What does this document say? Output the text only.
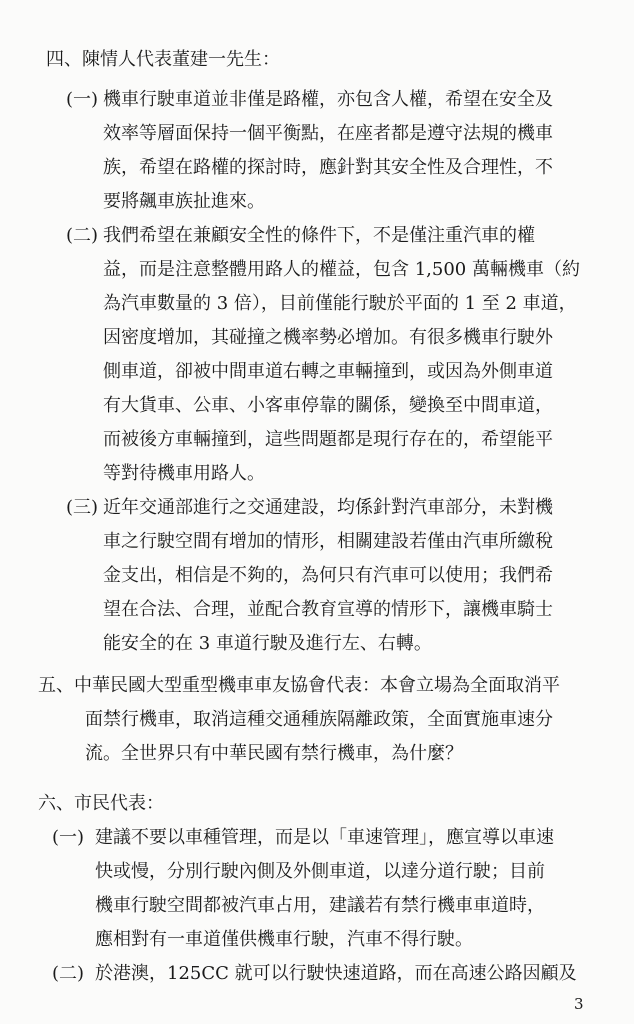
四、陳情人代表董建一先生：
(一) 機車行駛車道並非僅是路權，亦包含人權，希望在安全及
效率等層面保持一個平衡點，在座者都是遵守法規的機車
族，希望在路權的探討時，應針對其安全性及合理性，不
要將飆車族扯進來。
(二) 我們希望在兼顧安全性的條件下，不是僅注重汽車的權
益，而是注意整體用路人的權益，包含 1,500 萬輛機車（約
為汽車數量的 3 倍），目前僅能行駛於平面的 1 至 2 車道，
因密度增加，其碰撞之機率勢必增加。有很多機車行駛外
側車道，卻被中間車道右轉之車輛撞到，或因為外側車道
有大貨車、公車、小客車停靠的關係，變換至中間車道，
而被後方車輛撞到，這些問題都是現行存在的，希望能平
等對待機車用路人。
(三) 近年交通部進行之交通建設，均係針對汽車部分，未對機
車之行駛空間有增加的情形，相關建設若僅由汽車所繳稅
金支出，相信是不夠的，為何只有汽車可以使用；我們希
望在合法、合理，並配合教育宣導的情形下，讓機車騎士
能安全的在 3 車道行駛及進行左、右轉。
五、中華民國大型重型機車車友協會代表：本會立場為全面取消平
面禁行機車，取消這種交通種族隔離政策，全面實施車速分
流。全世界只有中華民國有禁行機車，為什麼？
六、市民代表：
(一) 建議不要以車種管理，而是以「車速管理」，應宣導以車速
快或慢，分別行駛內側及外側車道，以達分道行駛；目前
機車行駛空間都被汽車占用，建議若有禁行機車車道時，
應相對有一車道僅供機車行駛，汽車不得行駛。
(二) 於港澳，125CC 就可以行駛快速道路，而在高速公路因顧及
3
